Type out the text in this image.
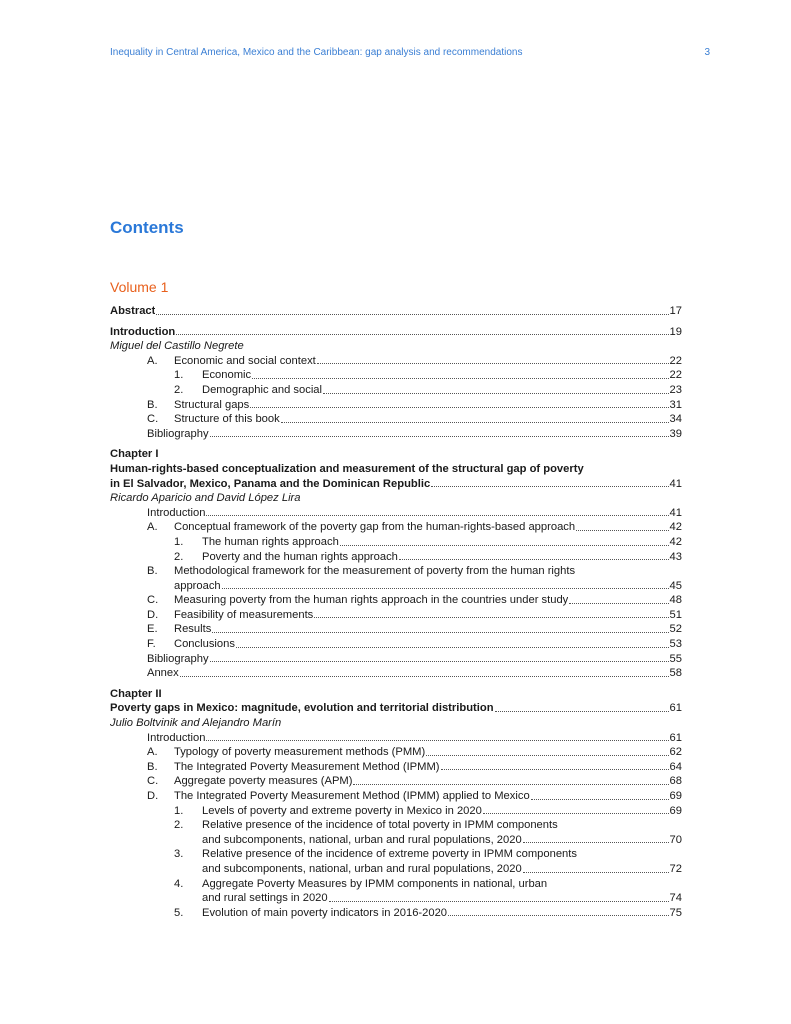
Inequality in Central America, Mexico and the Caribbean: gap analysis and recommendations	3
Contents
Volume 1
Abstract	17
Introduction	19
Miguel del Castillo Negrete
A.	Economic and social context	22
1.	Economic	22
2.	Demographic and social	23
B.	Structural gaps	31
C.	Structure of this book	34
Bibliography	39
Chapter I
Human-rights-based conceptualization and measurement of the structural gap of poverty
in El Salvador, Mexico, Panama and the Dominican Republic	41
Ricardo Aparicio and David López Lira
Introduction	41
A.	Conceptual framework of the poverty gap from the human-rights-based approach	42
1.	The human rights approach	42
2.	Poverty and the human rights approach	43
B. Methodological framework for the measurement of poverty from the human rights
approach	45
C.	Measuring poverty from the human rights approach in the countries under study	48
D.	Feasibility of measurements	51
E.	Results	52
F.	Conclusions	53
Bibliography	55
Annex	58
Chapter II
Poverty gaps in Mexico: magnitude, evolution and territorial distribution	61
Julio Boltvinik and Alejandro Marín
Introduction	61
A.	Typology of poverty measurement methods (PMM)	62
B.	The Integrated Poverty Measurement Method (IPMM)	64
C.	Aggregate poverty measures (APM)	68
D.	The Integrated Poverty Measurement Method (IPMM) applied to Mexico	69
1.	Levels of poverty and extreme poverty in Mexico in 2020	69
2. Relative presence of the incidence of total poverty in IPMM components
and subcomponents, national, urban and rural populations, 2020	70
3. Relative presence of the incidence of extreme poverty in IPMM components
and subcomponents, national, urban and rural populations, 2020	72
4. Aggregate Poverty Measures by IPMM components in national, urban
and rural settings in 2020	74
5.	Evolution of main poverty indicators in 2016-2020	75
